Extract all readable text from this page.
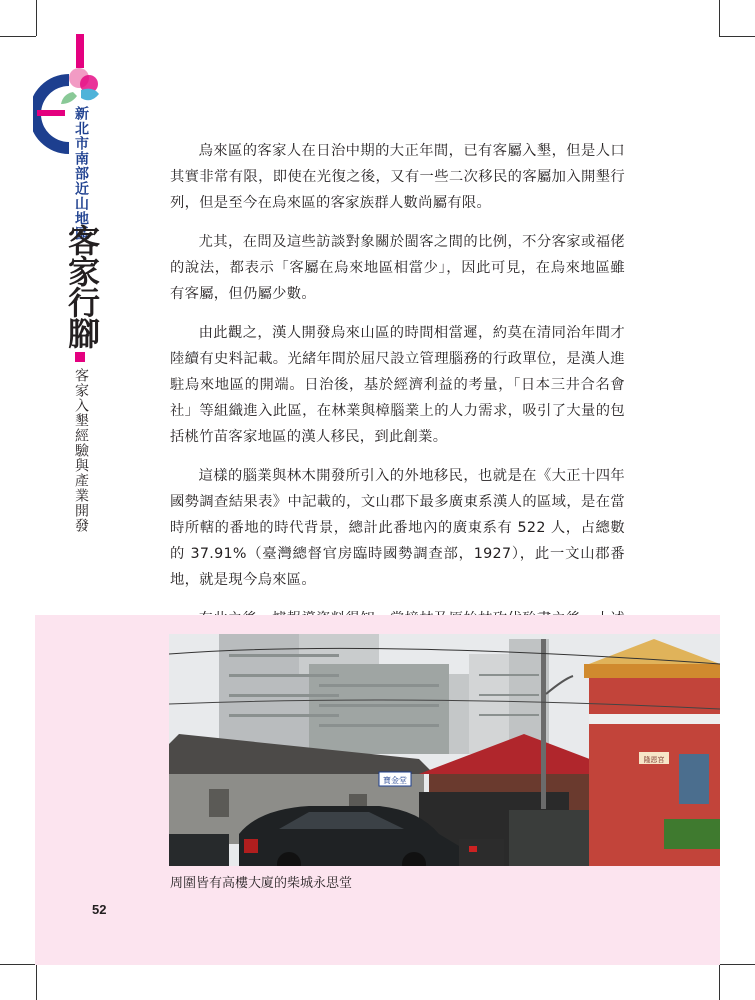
新北市南部近山地區
客家行腳
客家入墾經驗與產業開發

烏來區的客家人在日治中期的大正年間，已有客屬入墾，但是人口其實非常有限，即使在光復之後，又有一些二次移民的客屬加入開墾行列，但是至今在烏來區的客家族群人數尚屬有限。

尤其，在問及這些訪談對象關於閩客之間的比例，不分客家或福佬的說法，都表示「客屬在烏來地區相當少」，因此可見，在烏來地區雖有客屬，但仍屬少數。

由此觀之，漢人開發烏來山區的時間相當遲，約莫在清同治年間才陸續有史料記載。光緒年間於屈尺設立管理腦務的行政單位，是漢人進駐烏來地區的開端。日治後，基於經濟利益的考量，「日本三井合名會社」等組織進入此區，在林業與樟腦業上的人力需求，吸引了大量的包括桃竹苗客家地區的漢人移民，到此創業。

這樣的腦業與林木開發所引入的外地移民，也就是在《大正十四年國勢調查結果表》中記載的，文山郡下最多廣東系漢人的區域，是在當時所轄的番地的時代背景，總計此番地內的廣東系有 522 人，占總數的 37.91%（臺灣總督官房臨時國勢調查部，1927），此一文山郡番地，就是現今烏來區。

寶金堂
隆恩宮
周圍皆有高樓大廈的柴城永思堂
52
